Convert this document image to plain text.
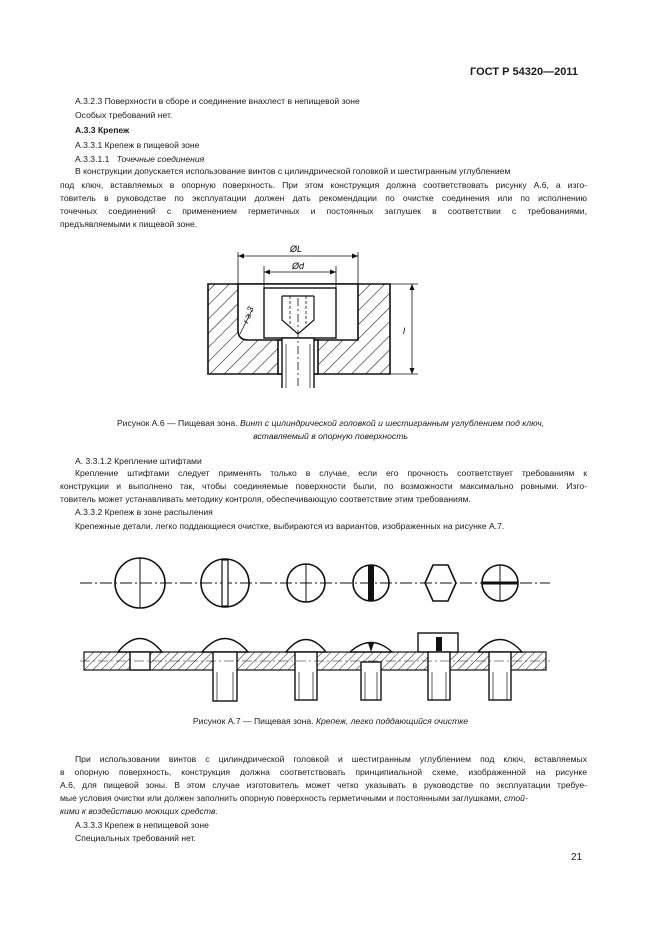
ГОСТ Р 54320—2011
А.3.2.3 Поверхности в сборе и соединение внахлест в непищевой зоне
Особых требований нет.
А.3.3 Крепеж
А.3.3.1 Крепеж в пищевой зоне
А.3.3.1.1 Точечные соединения
В конструкции допускается использование винтов с цилиндрической головкой и шестигранным углублением
под ключ, вставляемых в опорную поверхность. При этом конструкция должна соответствовать рисунку А.6, а изго-
товитель в руководстве по эксплуатации должен дать рекомендации по очистке соединения или по исполнению
точечных соединений с применением герметичных и постоянных заглушек в соответствии с требованиями,
предъявляемыми к пищевой зоне.
ØL
Ød
r ≥ 3
l
Рисунок А.6 — Пищевая зона. Винт с цилиндрической головкой и шестигранным углублением под ключ,
вставляемый в опорную поверхность
А. 3.3.1.2 Крепление штифтами
Крепление штифтами следует применять только в случае, если его прочность соответствует требованиям к
конструкции и выполнено так, чтобы соединяемые поверхности были, по возможности максимально ровными. Изго-
товитель может устанавливать методику контроля, обеспечивающую соответствие этим требованиям.
А.3.3.2 Крепеж в зоне распыления
Крепежные детали, легко поддающиеся очистке, выбираются из вариантов, изображенных на рисунке А.7.
Рисунок А.7 — Пищевая зона. Крепеж, легко поддающийся очистке
При использовании винтов с цилиндрической головкой и шестигранным углублением под ключ, вставляемых
в опорную поверхность, конструкция должна соответствовать принципиальной схеме, изображенной на рисунке
А.6, для пищевой зоны. В этом случае изготовитель может четко указывать в руководстве по эксплуатации требуе-
мые условия очистки или должен заполнить опорную поверхность герметичными и постоянными заглушками, стой-
кими к воздействию моющих средств.
А.3.3.3 Крепеж в непищевой зоне
Специальных требований нет.
21
